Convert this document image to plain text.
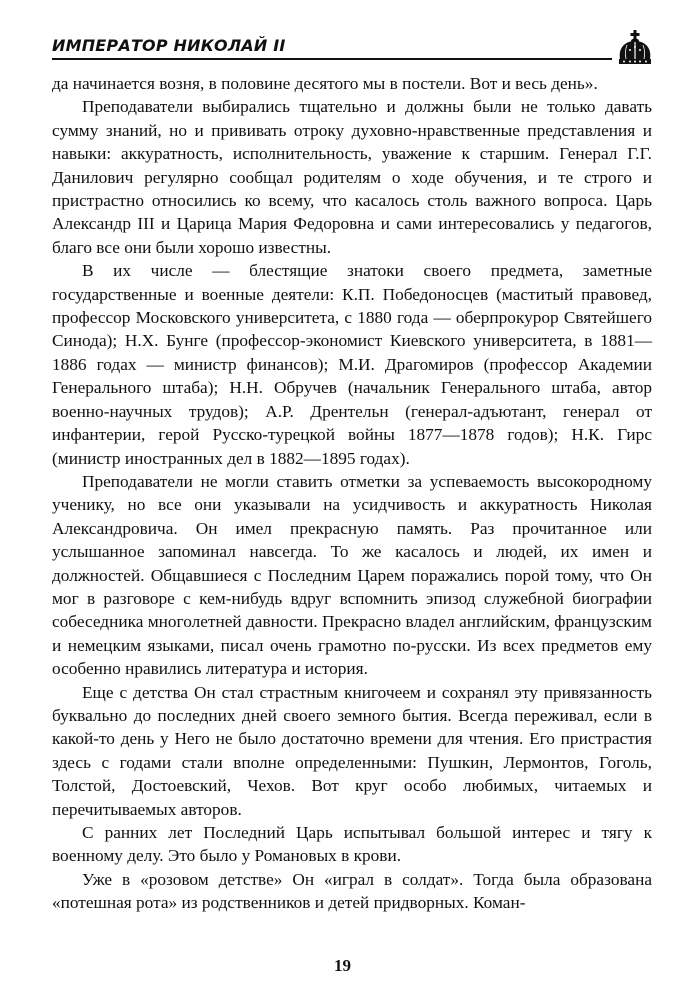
ИМПЕРАТОР НИКОЛАЙ II

да начинается возня, в половине десятого мы в постели. Вот и весь день».

Преподаватели выбирались тщательно и должны были не только давать сумму знаний, но и прививать отроку духовно-нравственные представления и навыки: аккуратность, исполнительность, уважение к старшим. Генерал Г.Г. Данилович регулярно сообщал родителям о ходе обучения, и те строго и пристрастно относились ко всему, что касалось столь важного вопроса. Царь Александр III и Царица Мария Федоровна и сами интересовались у педагогов, благо все они были хорошо известны.

В их числе — блестящие знатоки своего предмета, заметные государственные и военные деятели: К.П. Победоносцев (маститый правовед, профессор Московского университета, с 1880 года — оберпрокурор Святейшего Синода); Н.Х. Бунге (профессор-экономист Киевского университета, в 1881—1886 годах — министр финансов); М.И. Драгомиров (профессор Академии Генерального штаба); Н.Н. Обручев (начальник Генерального штаба, автор военно-научных трудов); А.Р. Дрентельн (генерал-адъютант, генерал от инфантерии, герой Русско-турецкой войны 1877—1878 годов); Н.К. Гирс (министр иностранных дел в 1882—1895 годах).

Преподаватели не могли ставить отметки за успеваемость высокородному ученику, но все они указывали на усидчивость и аккуратность Николая Александровича. Он имел прекрасную память. Раз прочитанное или услышанное запоминал навсегда. То же касалось и людей, их имен и должностей. Общавшиеся с Последним Царем поражались порой тому, что Он мог в разговоре с кем-нибудь вдруг вспомнить эпизод служебной биографии собеседника многолетней давности. Прекрасно владел английским, французским и немецким языками, писал очень грамотно по-русски. Из всех предметов ему особенно нравились литература и история.

Еще с детства Он стал страстным книгочеем и сохранял эту привязанность буквально до последних дней своего земного бытия. Всегда переживал, если в какой-то день у Него не было достаточно времени для чтения. Его пристрастия здесь с годами стали вполне определенными: Пушкин, Лермонтов, Гоголь, Толстой, Достоевский, Чехов. Вот круг особо любимых, читаемых и перечитываемых авторов.

С ранних лет Последний Царь испытывал большой интерес и тягу к военному делу. Это было у Романовых в крови.

Уже в «розовом детстве» Он «играл в солдат». Тогда была образована «потешная рота» из родственников и детей придворных. Коман-

19
